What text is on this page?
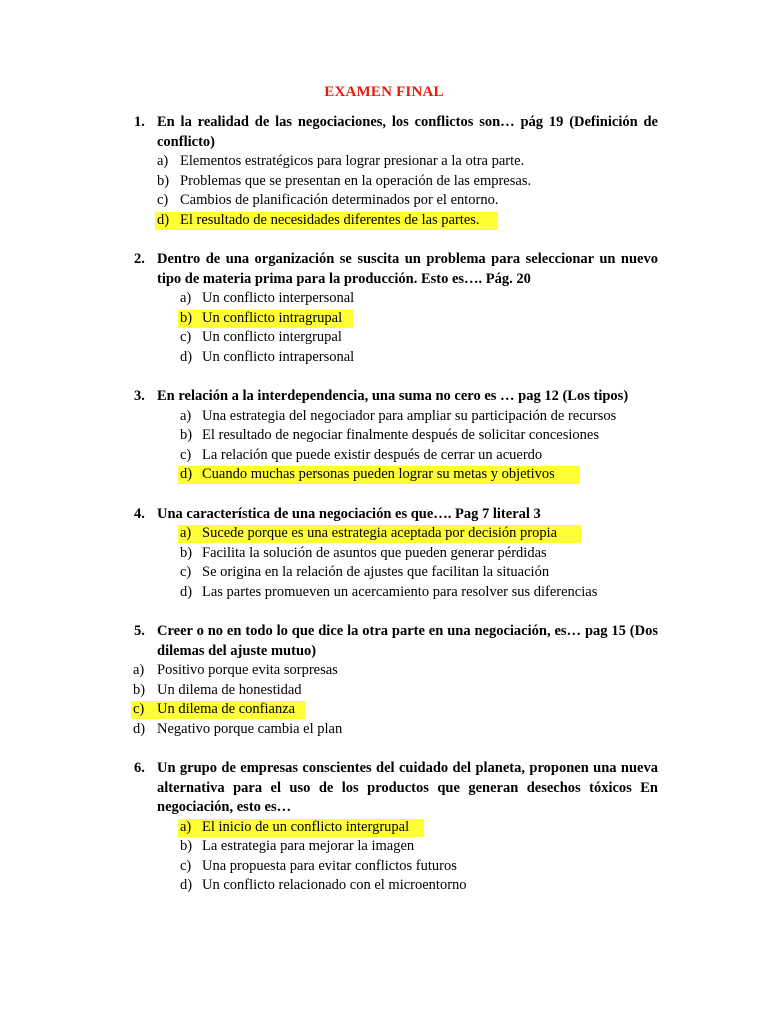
EXAMEN FINAL
1. En la realidad de las negociaciones, los conflictos son… pág 19 (Definición de conflicto)
a) Elementos estratégicos para lograr presionar a la otra parte.
b) Problemas que se presentan en la operación de las empresas.
c) Cambios de planificación determinados por el entorno.
d) El resultado de necesidades diferentes de las partes.
2. Dentro de una organización se suscita un problema para seleccionar un nuevo tipo de materia prima para la producción. Esto es…. Pág. 20
a) Un conflicto interpersonal
b) Un conflicto intragrupal
c) Un conflicto intergrupal
d) Un conflicto intrapersonal
3. En relación a la interdependencia, una suma no cero es … pag 12 (Los tipos)
a) Una estrategia del negociador para ampliar su participación de recursos
b) El resultado de negociar finalmente después de solicitar concesiones
c) La relación que puede existir después de cerrar un acuerdo
d) Cuando muchas personas pueden lograr su metas y objetivos
4. Una característica de una negociación es que…. Pag 7 literal 3
a) Sucede porque es una estrategia aceptada por decisión propia
b) Facilita la solución de asuntos que pueden generar pérdidas
c) Se origina en la relación de ajustes que facilitan la situación
d) Las partes promueven un acercamiento para resolver sus diferencias
5. Creer o no en todo lo que dice la otra parte en una negociación, es… pag 15 (Dos dilemas del ajuste mutuo)
a) Positivo porque evita sorpresas
b) Un dilema de honestidad
c) Un dilema de confianza
d) Negativo porque cambia el plan
6. Un grupo de empresas conscientes del cuidado del planeta, proponen una nueva alternativa para el uso de los productos que generan desechos tóxicos En negociación, esto es…
a) El inicio de un conflicto intergrupal
b) La estrategia para mejorar la imagen
c) Una propuesta para evitar conflictos futuros
d) Un conflicto relacionado con el microentorno
